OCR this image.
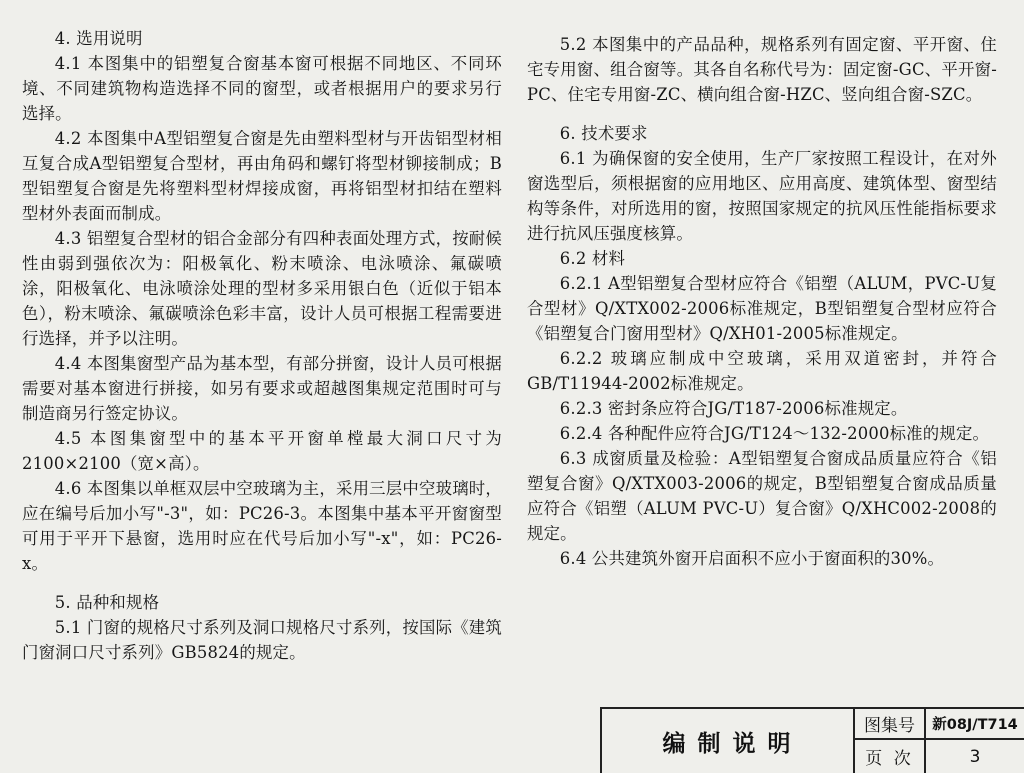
4. 选用说明

4.1 本图集中的铝塑复合窗基本窗可根据不同地区、不同环境、不同建筑物构造选择不同的窗型，或者根据用户的要求另行选择。

4.2 本图集中A型铝塑复合窗是先由塑料型材与开齿铝型材相互复合成A型铝塑复合型材，再由角码和螺钉将型材铆接制成；B型铝塑复合窗是先将塑料型材焊接成窗，再将铝型材扣结在塑料型材外表面而制成。

4.3 铝塑复合型材的铝合金部分有四种表面处理方式，按耐候性由弱到强依次为：阳极氧化、粉末喷涂、电泳喷涂、氟碳喷涂，阳极氧化、电泳喷涂处理的型材多采用银白色（近似于铝本色），粉末喷涂、氟碳喷涂色彩丰富，设计人员可根据工程需要进行选择，并予以注明。

4.4 本图集窗型产品为基本型，有部分拼窗，设计人员可根据需要对基本窗进行拼接，如另有要求或超越图集规定范围时可与制造商另行签定协议。

4.5 本图集窗型中的基本平开窗单樘最大洞口尺寸为2100×2100（宽×高）。

4.6 本图集以单框双层中空玻璃为主，采用三层中空玻璃时，应在编号后加小写"-3"，如：PC26-3。本图集中基本平开窗窗型可用于平开下悬窗，选用时应在代号后加小写"-x"，如：PC26-x。

5. 品种和规格

5.1 门窗的规格尺寸系列及洞口规格尺寸系列，按国际《建筑门窗洞口尺寸系列》GB5824的规定。

5.2 本图集中的产品品种，规格系列有固定窗、平开窗、住宅专用窗、组合窗等。其各自名称代号为：固定窗-GC、平开窗-PC、住宅专用窗-ZC、横向组合窗-HZC、竖向组合窗-SZC。

6. 技术要求

6.1 为确保窗的安全使用，生产厂家按照工程设计，在对外窗选型后，须根据窗的应用地区、应用高度、建筑体型、窗型结构等条件，对所选用的窗，按照国家规定的抗风压性能指标要求进行抗风压强度核算。

6.2 材料

6.2.1 A型铝塑复合型材应符合《铝塑（ALUM，PVC-U复合型材》Q/XTX002-2006标准规定，B型铝塑复合型材应符合《铝塑复合门窗用型材》Q/XH01-2005标准规定。

6.2.2 玻璃应制成中空玻璃，采用双道密封，并符合GB/T11944-2002标准规定。

6.2.3 密封条应符合JG/T187-2006标准规定。

6.2.4 各种配件应符合JG/T124～132-2000标准的规定。

6.3 成窗质量及检验：A型铝塑复合窗成品质量应符合《铝塑复合窗》Q/XTX003-2006的规定，B型铝塑复合窗成品质量应符合《铝塑（ALUM PVC-U）复合窗》Q/XHC002-2008的规定。

6.4 公共建筑外窗开启面积不应小于窗面积的30%。

编 制 说 明
图集号	新08J/T714
页 次	3
